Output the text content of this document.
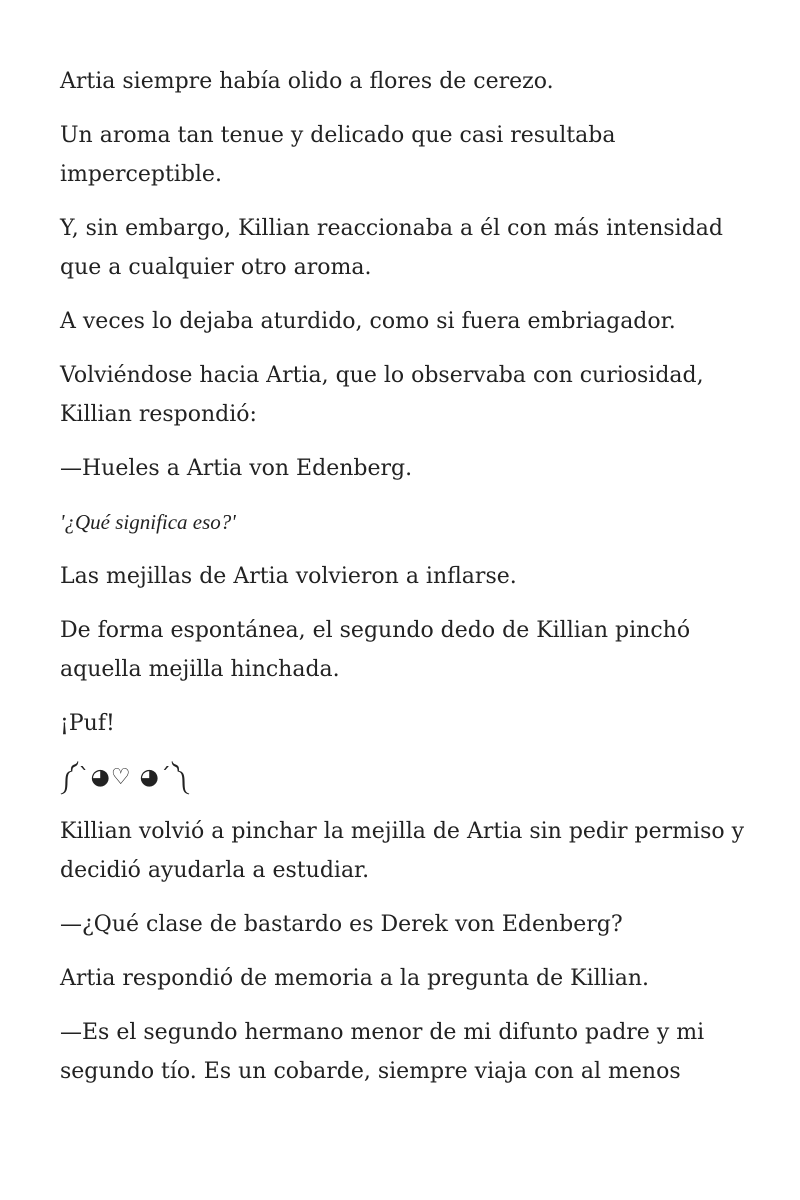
Artia siempre había olido a flores de cerezo.

Un aroma tan tenue y delicado que casi resultaba imperceptible.

Y, sin embargo, Killian reaccionaba a él con más intensidad que a cualquier otro aroma.

A veces lo dejaba aturdido, como si fuera embriagador.

Volviéndose hacia Artia, que lo observaba con curiosidad, Killian respondió:

—Hueles a Artia von Edenberg.

'¿Qué significa eso?'

Las mejillas de Artia volvieron a inflarse.

De forma espontánea, el segundo dedo de Killian pinchó aquella mejilla hinchada.

¡Puf!

༼`◕♡ ◕´༽

Killian volvió a pinchar la mejilla de Artia sin pedir permiso y decidió ayudarla a estudiar.

—¿Qué clase de bastardo es Derek von Edenberg?

Artia respondió de memoria a la pregunta de Killian.

—Es el segundo hermano menor de mi difunto padre y mi segundo tío. Es un cobarde, siempre viaja con al menos
